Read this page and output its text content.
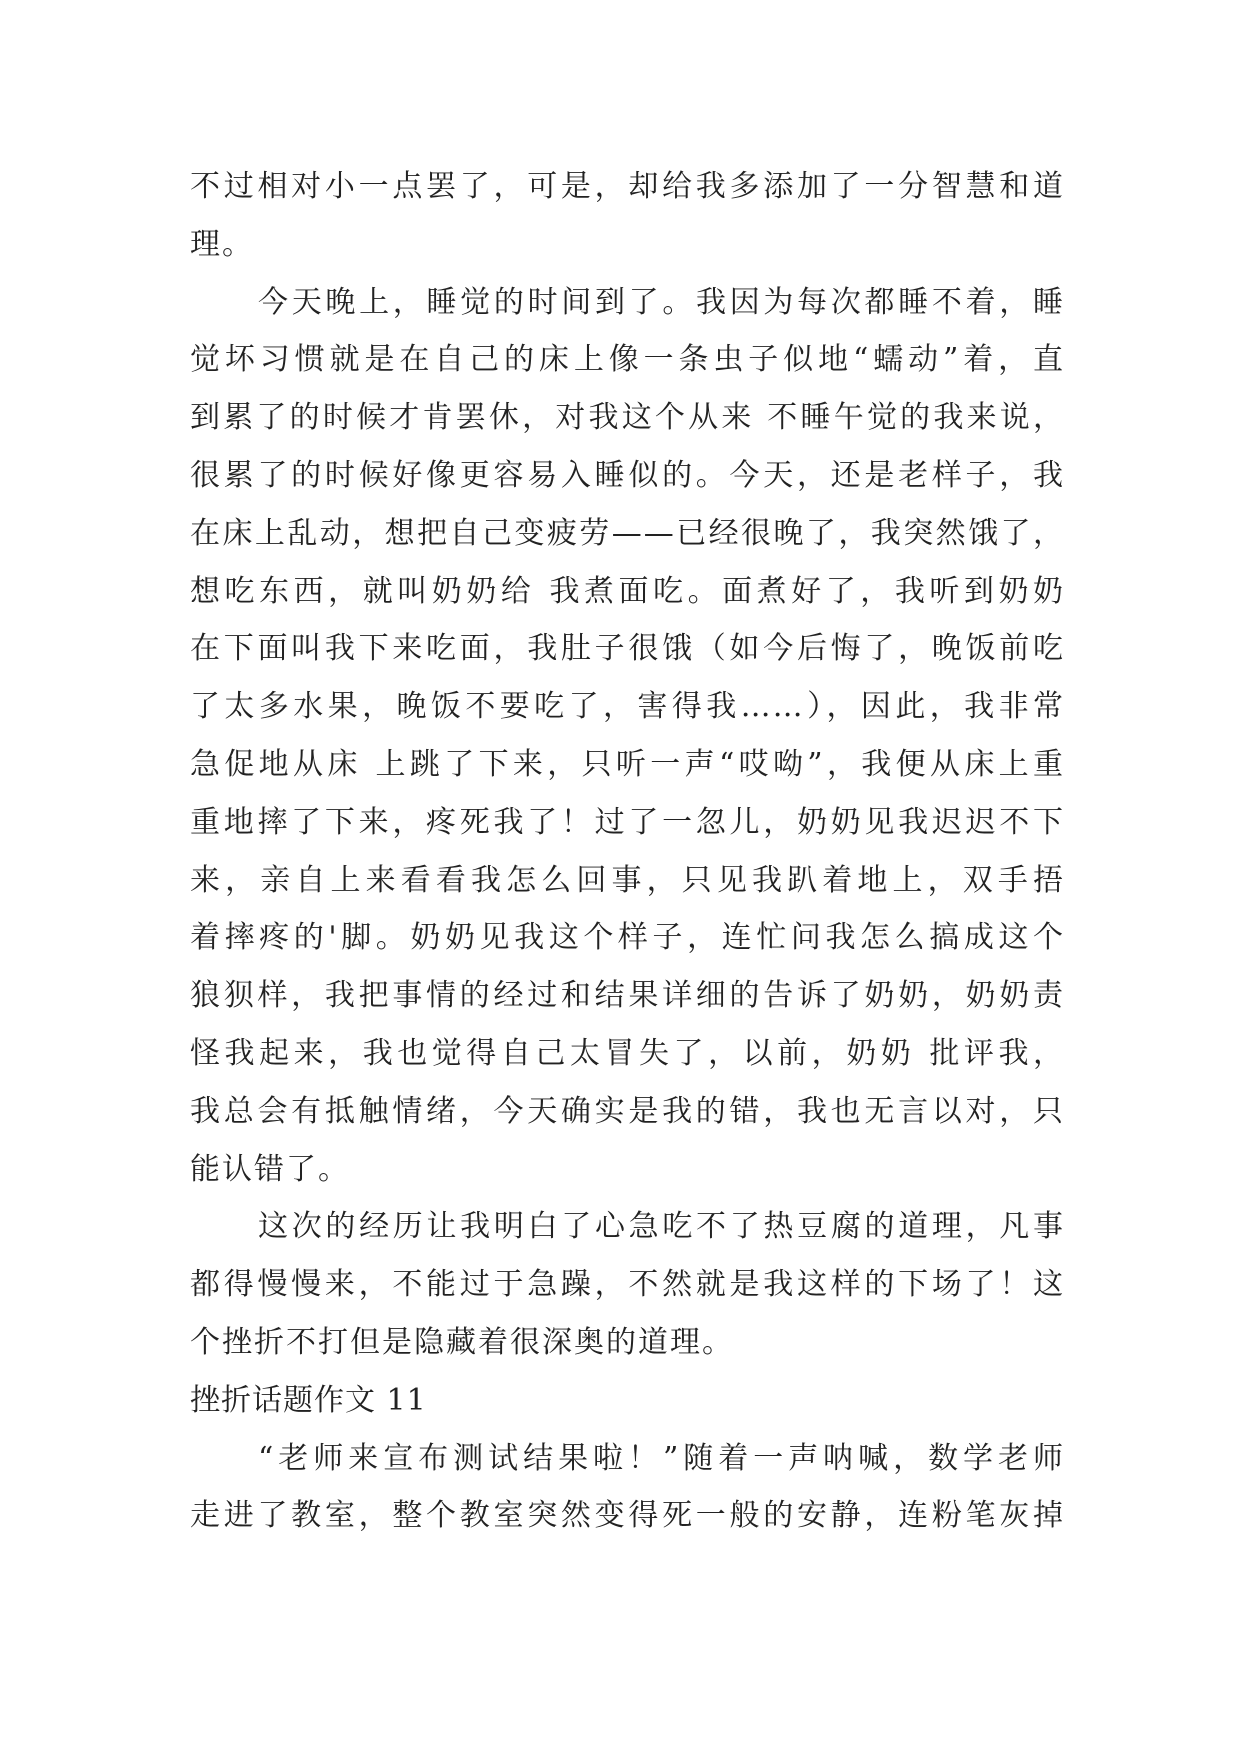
不过相对小一点罢了，可是，却给我多添加了一分智慧和道
理。
今天晚上，睡觉的时间到了。我因为每次都睡不着，睡
觉坏习惯就是在自己的床上像一条虫子似地“蠕动”着，直
到累了的时候才肯罢休，对我这个从来 不睡午觉的我来说，
很累了的时候好像更容易入睡似的。今天，还是老样子，我
在床上乱动，想把自己变疲劳——已经很晚了，我突然饿了，
想吃东西，就叫奶奶给 我煮面吃。面煮好了，我听到奶奶
在下面叫我下来吃面，我肚子很饿（如今后悔了，晚饭前吃
了太多水果，晚饭不要吃了，害得我……），因此，我非常
急促地从床 上跳了下来，只听一声“哎呦”，我便从床上重
重地摔了下来，疼死我了！过了一忽儿，奶奶见我迟迟不下
来，亲自上来看看我怎么回事，只见我趴着地上，双手捂
着摔疼的'脚。奶奶见我这个样子，连忙问我怎么搞成这个
狼狈样，我把事情的经过和结果详细的告诉了奶奶，奶奶责
怪我起来，我也觉得自己太冒失了，以前，奶奶 批评我，
我总会有抵触情绪，今天确实是我的错，我也无言以对，只
能认错了。
这次的经历让我明白了心急吃不了热豆腐的道理，凡事
都得慢慢来，不能过于急躁，不然就是我这样的下场了！这
个挫折不打但是隐藏着很深奥的道理。
挫折话题作文 11
“老师来宣布测试结果啦！”随着一声呐喊，数学老师
走进了教室，整个教室突然变得死一般的安静，连粉笔灰掉
